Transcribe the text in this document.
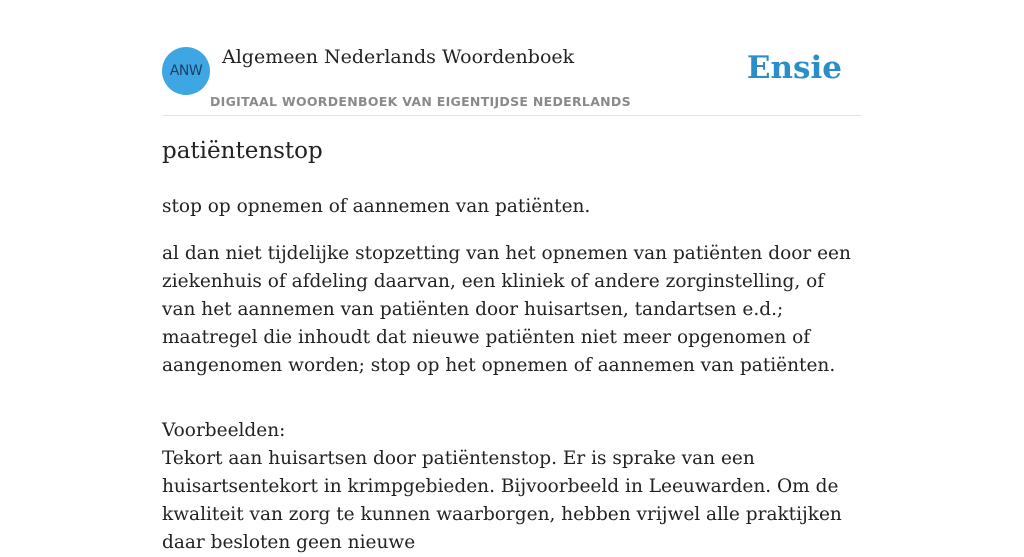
ANW
Algemeen Nederlands Woordenboek
DIGITAAL WOORDENBOEK VAN EIGENTIJDSE NEDERLANDS
Ensie
patiëntenstop

stop op opnemen of aannemen van patiënten.

al dan niet tijdelijke stopzetting van het opnemen van patiënten door een ziekenhuis of afdeling daarvan, een kliniek of andere zorginstelling, of van het aannemen van patiënten door huisartsen, tandartsen e.d.; maatregel die inhoudt dat nieuwe patiënten niet meer opgenomen of aangenomen worden; stop op het opnemen of aannemen van patiënten.

Voorbeelden:
Tekort aan huisartsen door patiëntenstop. Er is sprake van een huisartsentekort in krimpgebieden. Bijvoorbeeld in Leeuwarden. Om de kwaliteit van zorg te kunnen waarborgen, hebben vrijwel alle praktijken daar besloten geen nieuwe
